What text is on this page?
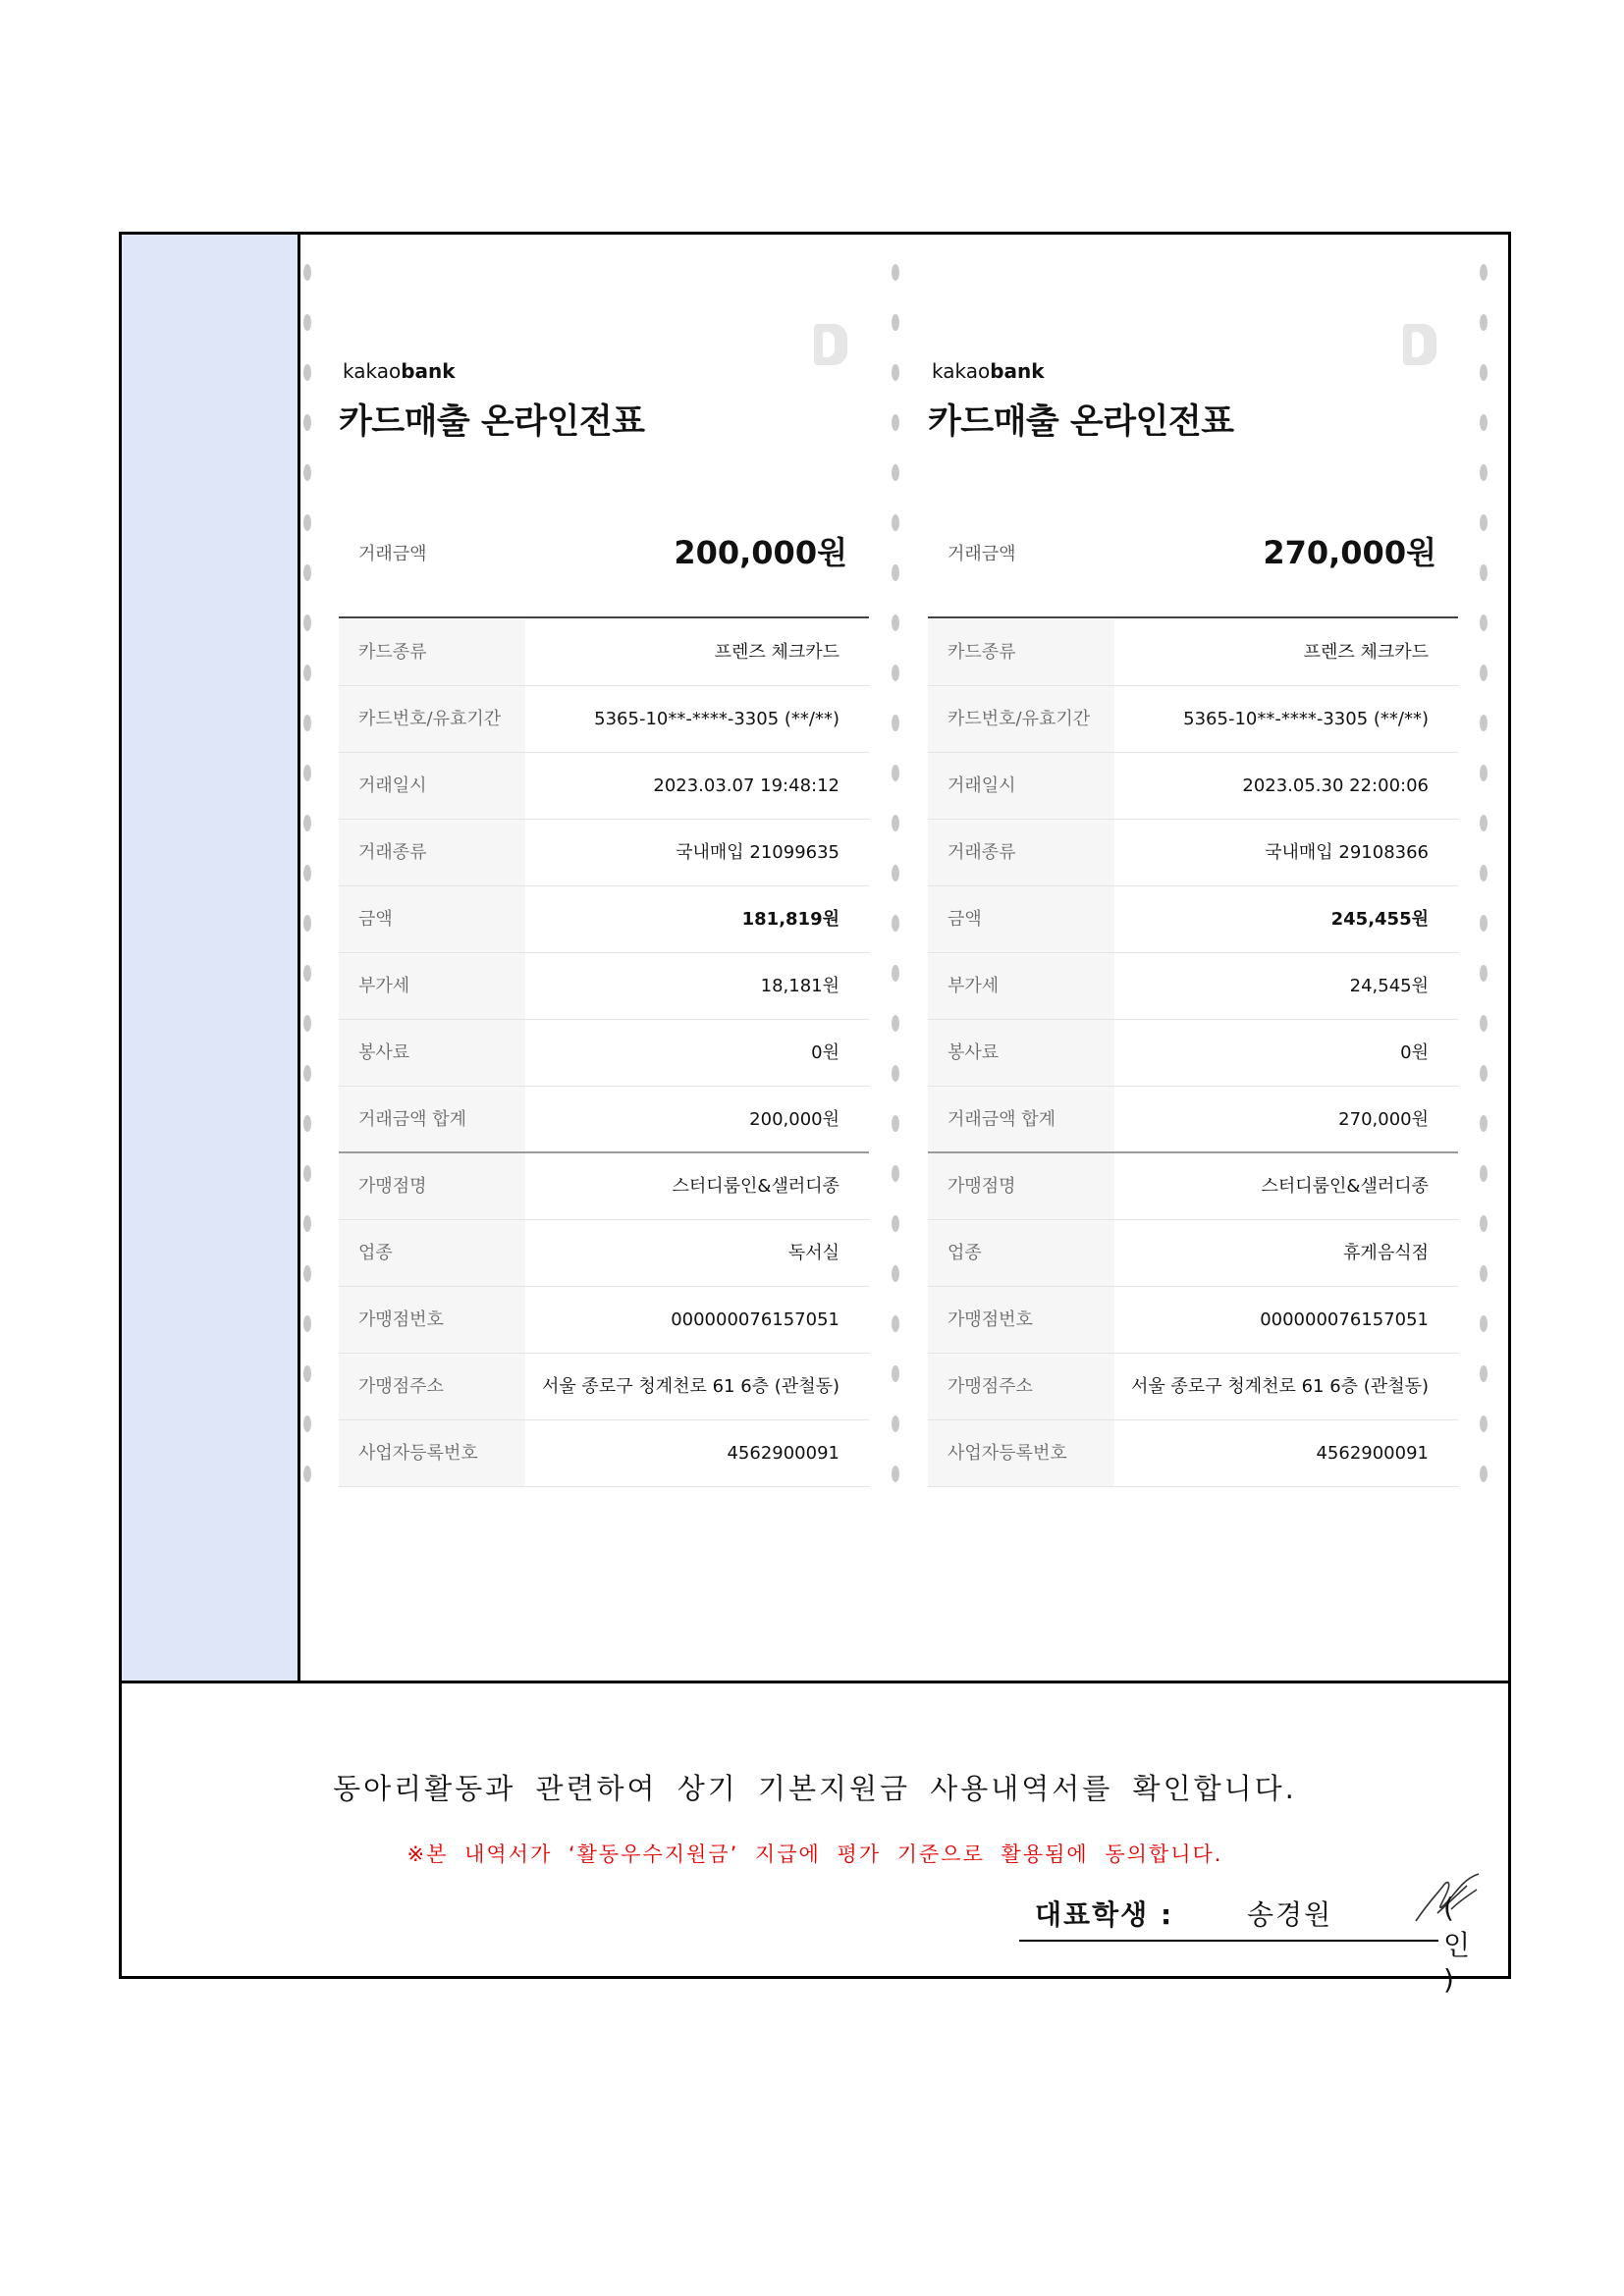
kakaobank
카드매출 온라인전표
거래금액	200,000원
카드종류	프렌즈 체크카드
카드번호/유효기간	5365-10**-****-3305 (**/**)
거래일시	2023.03.07 19:48:12
거래종류	국내매입 21099635
금액	181,819원
부가세	18,181원
봉사료	0원
거래금액 합계	200,000원
가맹점명	스터디룸인&샐러디종
업종	독서실
가맹점번호	000000076157051
가맹점주소	서울 종로구 청계천로 61 6층 (관철동)
사업자등록번호	4562900091
kakaobank
카드매출 온라인전표
거래금액	270,000원
카드종류	프렌즈 체크카드
카드번호/유효기간	5365-10**-****-3305 (**/**)
거래일시	2023.05.30 22:00:06
거래종류	국내매입 29108366
금액	245,455원
부가세	24,545원
봉사료	0원
거래금액 합계	270,000원
가맹점명	스터디룸인&샐러디종
업종	휴게음식점
가맹점번호	000000076157051
가맹점주소	서울 종로구 청계천로 61 6층 (관철동)
사업자등록번호	4562900091
동아리활동과 관련하여 상기 기본지원금 사용내역서를 확인합니다.
※본 내역서가 ‘활동우수지원금’ 지급에 평가 기준으로 활용됨에 동의합니다.
대표학생 :	송경원	( 인 )
